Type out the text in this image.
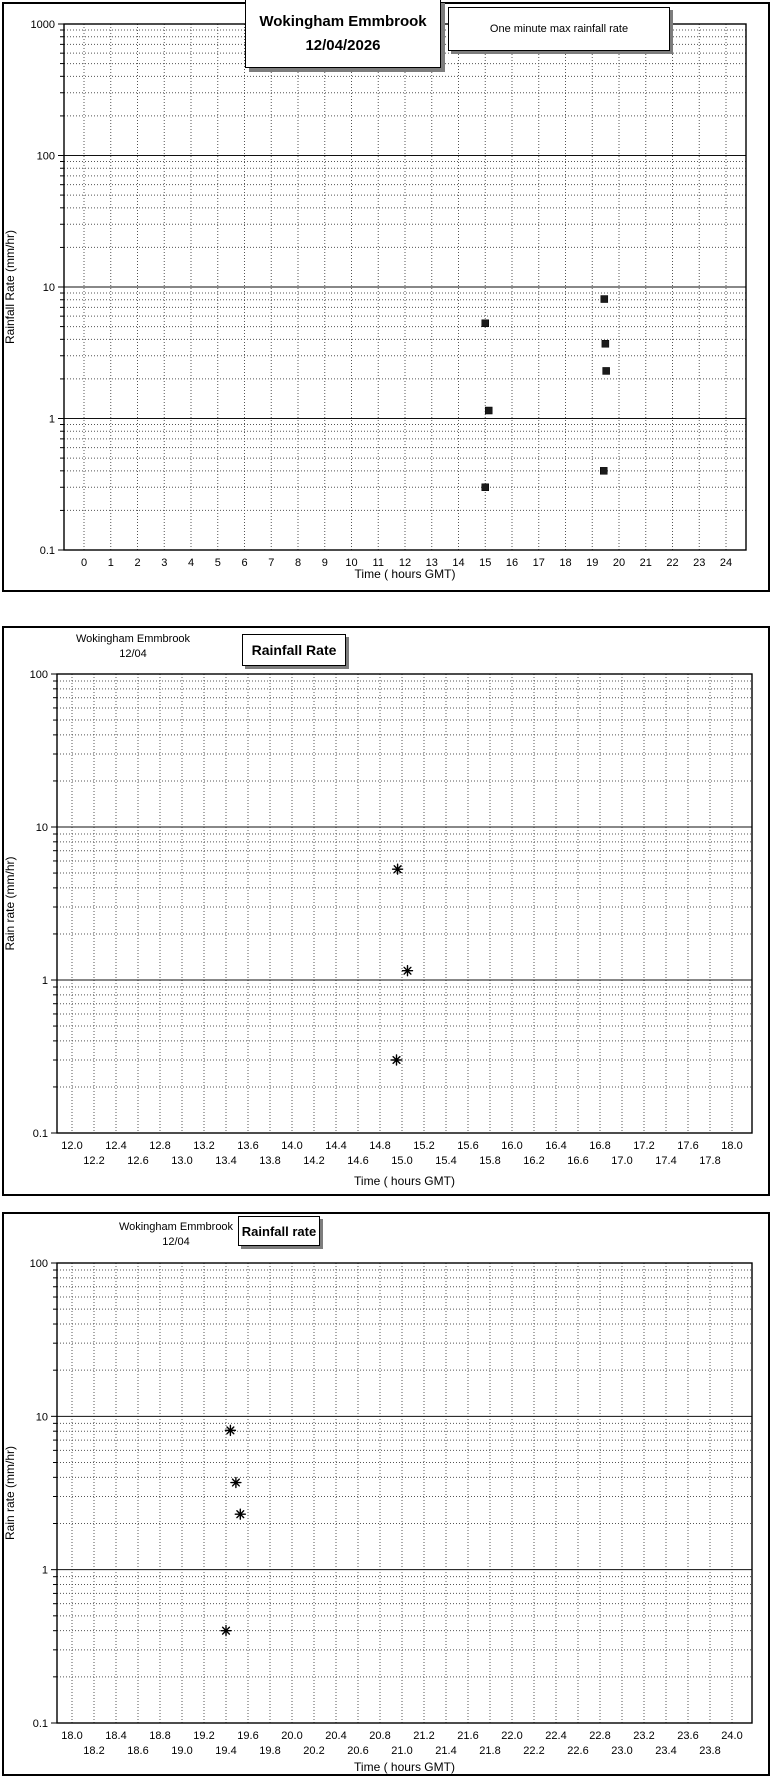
1000
100
10
1
0.1
0 1 2 3 4 5 6 7 8 9 10 11 12 13 14 15 16 17 18 19 20 21 22 23 24
Time ( hours GMT)
Rainfall Rate (mm/hr)
Wokingham Emmbrook
12/04/2026
One minute max rainfall rate
100
10
1
0.1
12.0
12.2
12.4
12.6
12.8
13.0
13.2
13.4
13.6
13.8
14.0
14.2
14.4
14.6
14.8
15.0
15.2
15.4
15.6
15.8
16.0
16.2
16.4
16.6
16.8
17.0
17.2
17.4
17.6
17.8
18.0
Time ( hours GMT)
Rain rate (mm/hr)
Wokingham Emmbrook
12/04	Rainfall Rate
100
10
1
0.1
18.0
18.2
18.4
18.6
18.8
19.0
19.2
19.4
19.6
19.8
20.0
20.2
20.4
20.6
20.8
21.0
21.2
21.4
21.6
21.8
22.0
22.2
22.4
22.6
22.8
23.0
23.2
23.4
23.6
23.8
24.0
Time ( hours GMT)
Rain rate (mm/hr)
Wokingham Emmbrook
12/04
Rainfall rate
